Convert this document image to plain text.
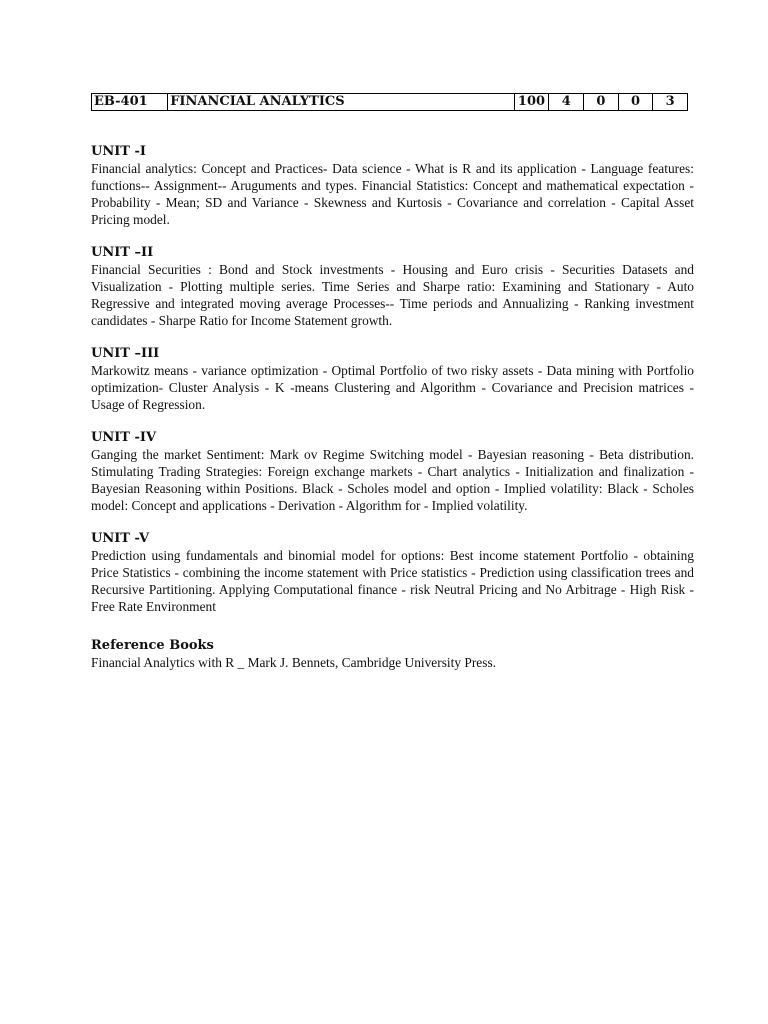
EB-401	FINANCIAL ANALYTICS	100	4	0	0	3

UNIT -I

Financial analytics: Concept and Practices- Data science - What is R and its application - Language features: functions-- Assignment-- Aruguments and types. Financial Statistics: Concept and mathematical expectation - Probability - Mean; SD and Variance - Skewness and Kurtosis - Covariance and correlation - Capital Asset Pricing model.

UNIT –II

Financial Securities : Bond and Stock investments - Housing and Euro crisis - Securities Datasets and Visualization - Plotting multiple series. Time Series and Sharpe ratio: Examining and Stationary - Auto Regressive and integrated moving average Processes-- Time periods and Annualizing - Ranking investment candidates - Sharpe Ratio for Income Statement growth.

UNIT –III

Markowitz means - variance optimization - Optimal Portfolio of two risky assets - Data mining with Portfolio optimization- Cluster Analysis - K -means Clustering and Algorithm - Covariance and Precision matrices - Usage of Regression.

UNIT -IV

Ganging the market Sentiment: Mark ov Regime Switching model - Bayesian reasoning - Beta distribution. Stimulating Trading Strategies: Foreign exchange markets - Chart analytics - Initialization and finalization - Bayesian Reasoning within Positions. Black - Scholes model and option - Implied volatility: Black - Scholes model: Concept and applications - Derivation - Algorithm for - Implied volatility.

UNIT -V

Prediction using fundamentals and binomial model for options: Best income statement Portfolio - obtaining Price Statistics - combining the income statement with Price statistics - Prediction using classification trees and Recursive Partitioning. Applying Computational finance - risk Neutral Pricing and No Arbitrage - High Risk - Free Rate Environment

Reference Books

Financial Analytics with R _ Mark J. Bennets, Cambridge University Press.
